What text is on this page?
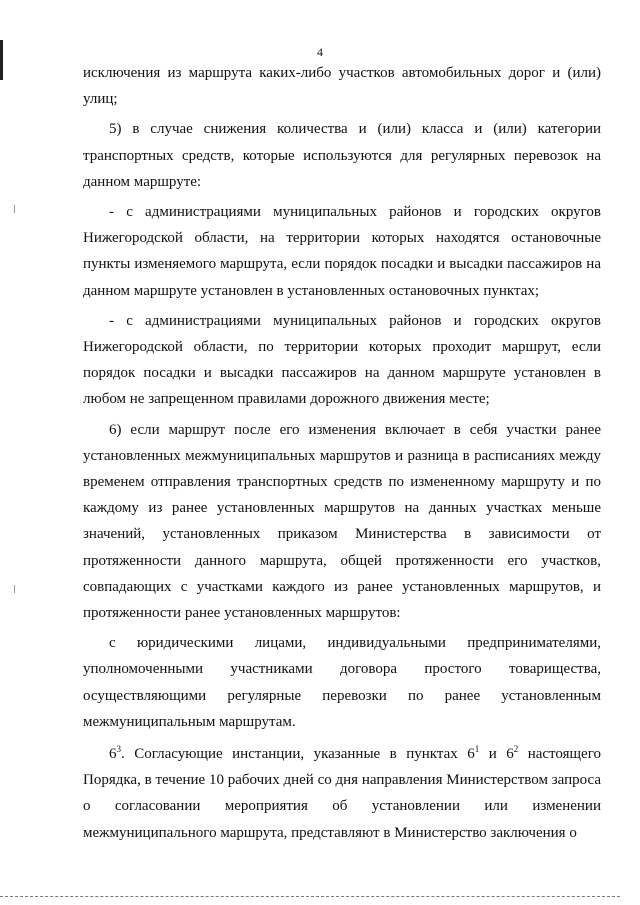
4

исключения из маршрута каких-либо участков автомобильных дорог и (или) улиц;

5) в случае снижения количества и (или) класса и (или) категории транспортных средств, которые используются для регулярных перевозок на данном маршруте:

- с администрациями муниципальных районов и городских округов Нижегородской области, на территории которых находятся остановочные пункты изменяемого маршрута, если порядок посадки и высадки пассажиров на данном маршруте установлен в установленных остановочных пунктах;

- с администрациями муниципальных районов и городских округов Нижегородской области, по территории которых проходит маршрут, если порядок посадки и высадки пассажиров на данном маршруте установлен в любом не запрещенном правилами дорожного движения месте;

6) если маршрут после его изменения включает в себя участки ранее установленных межмуниципальных маршрутов и разница в расписаниях между временем отправления транспортных средств по измененному маршруту и по каждому из ранее установленных маршрутов на данных участках меньше значений, установленных приказом Министерства в зависимости от протяженности данного маршрута, общей протяженности его участков, совпадающих с участками каждого из ранее установленных маршрутов, и протяженности ранее установленных маршрутов:

с юридическими лицами, индивидуальными предпринимателями, уполномоченными участниками договора простого товарищества, осуществляющими регулярные перевозки по ранее установленным межмуниципальным маршрутам.

$6^3$. Согласующие инстанции, указанные в пунктах $6^1$ и $6^2$ настоящего Порядка, в течение 10 рабочих дней со дня направления Министерством запроса о согласовании мероприятия об установлении или изменении межмуниципального маршрута, представляют в Министерство заключения о
